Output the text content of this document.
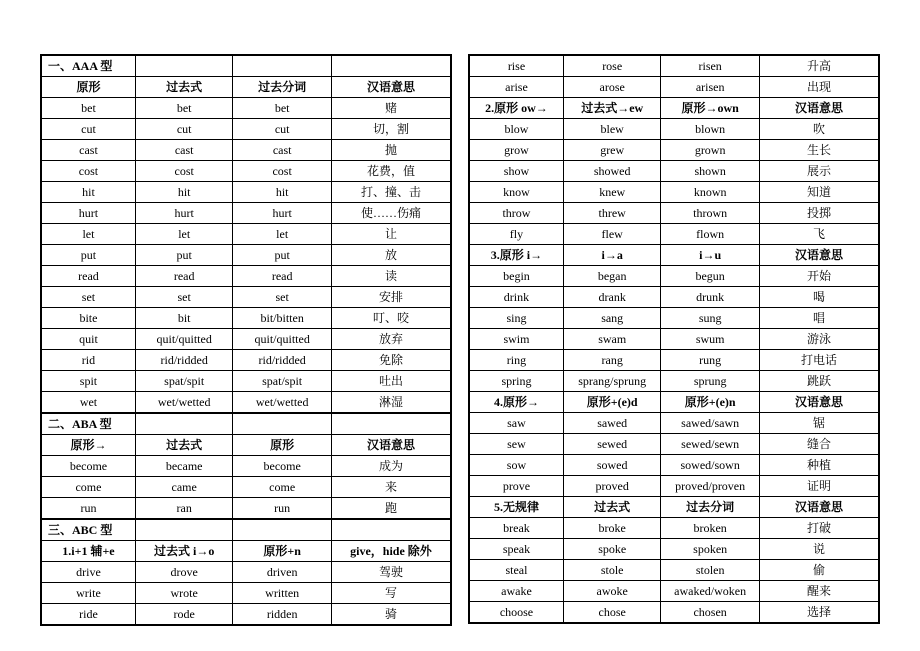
一、AAA 型			
原形	过去式	过去分词	汉语意思
bet	bet	bet	赌
cut	cut	cut	切，割
cast	cast	cast	抛
cost	cost	cost	花费，值
hit	hit	hit	打、撞、击
hurt	hurt	hurt	使……伤痛
let	let	let	让
put	put	put	放
read	read	read	读
set	set	set	安排
bite	bit	bit/bitten	叮、咬
quit	quit/quitted	quit/quitted	放弃
rid	rid/ridded	rid/ridded	免除
spit	spat/spit	spat/spit	吐出
wet	wet/wetted	wet/wetted	淋湿
二、ABA 型			
原形→	过去式	原形	汉语意思
become	became	become	成为
come	came	come	来
run	ran	run	跑
三、ABC 型			
1.i+1 辅+e	过去式 i→o	原形+n	give，hide 除外
drive	drove	driven	驾驶
write	wrote	written	写
ride	rode	ridden	骑
rise	rose	risen	升高
arise	arose	arisen	出现
2.原形 ow→	过去式→ew	原形→own	汉语意思
blow	blew	blown	吹
grow	grew	grown	生长
show	showed	shown	展示
know	knew	known	知道
throw	threw	thrown	投掷
fly	flew	flown	飞
3.原形 i→	i→a	i→u	汉语意思
begin	began	begun	开始
drink	drank	drunk	喝
sing	sang	sung	唱
swim	swam	swum	游泳
ring	rang	rung	打电话
spring	sprang/sprung	sprung	跳跃
4.原形→	原形+(e)d	原形+(e)n	汉语意思
saw	sawed	sawed/sawn	锯
sew	sewed	sewed/sewn	缝合
sow	sowed	sowed/sown	种植
prove	proved	proved/proven	证明
5.无规律	过去式	过去分词	汉语意思
break	broke	broken	打破
speak	spoke	spoken	说
steal	stole	stolen	偷
awake	awoke	awaked/woken	醒来
choose	chose	chosen	选择
